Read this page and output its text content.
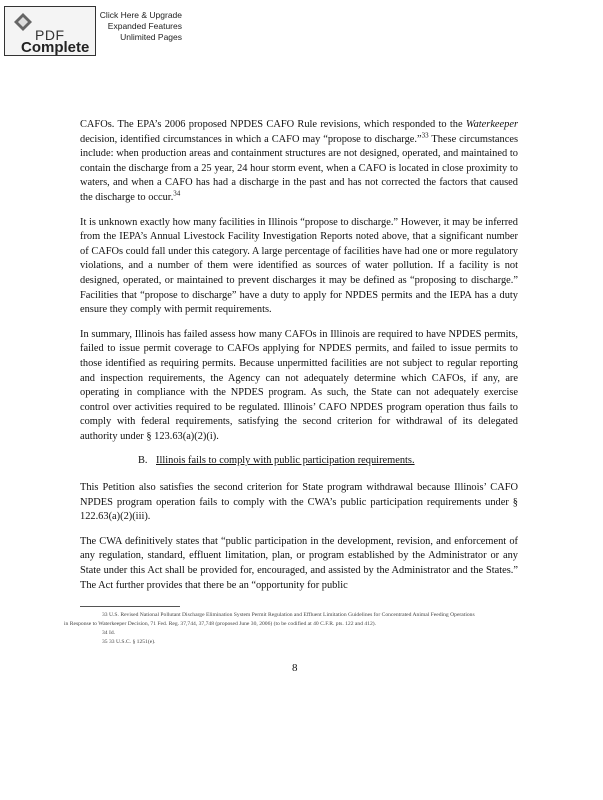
PDF
Complete
Click Here & Upgrade
Expanded Features
Unlimited Pages

CAFOs. The EPA’s 2006 proposed NPDES CAFO Rule revisions, which responded to the Waterkeeper decision, identified circumstances in which a CAFO may “propose to discharge.”$^{33}$ These circumstances include: when production areas and containment structures are not designed, operated, and maintained to contain the discharge from a 25 year, 24 hour storm event, when a CAFO is located in close proximity to waters, and when a CAFO has had a discharge in the past and has not corrected the factors that caused the discharge to occur.$^{34}$

It is unknown exactly how many facilities in Illinois “propose to discharge.” However, it may be inferred from the IEPA’s Annual Livestock Facility Investigation Reports noted above, that a significant number of CAFOs could fall under this category. A large percentage of facilities have had one or more regulatory violations, and a number of them were identified as sources of water pollution. If a facility is not designed, operated, or maintained to prevent discharges it may be defined as “proposing to discharge.” Facilities that “propose to discharge” have a duty to apply for NPDES permits and the IEPA has a duty ensure they comply with permit requirements.

In summary, Illinois has failed assess how many CAFOs in Illinois are required to have NPDES permits, failed to issue permit coverage to CAFOs applying for NPDES permits, and failed to issue permits to those identified as requiring permits. Because unpermitted facilities are not subject to regular reporting and inspection requirements, the Agency can not adequately determine which CAFOs, if any, are operating in compliance with the NPDES program. As such, the State can not adequately exercise control over activities required to be regulated. Illinois’ CAFO NPDES program operation thus fails to comply with federal requirements, satisfying the second criterion for withdrawal of its delegated authority under § 123.63(a)(2)(i).

B. Illinois fails to comply with public participation requirements.

This Petition also satisfies the second criterion for State program withdrawal because Illinois’ CAFO NPDES program operation fails to comply with the CWA’s public participation requirements under § 122.63(a)(2)(iii).

The CWA definitively states that “public participation in the development, revision, and enforcement of any regulation, standard, effluent limitation, plan, or program established by the Administrator or any State under this Act shall be provided for, encouraged, and assisted by the Administrator and the States.” The Act further provides that there be an “opportunity for public

33 U.S. Revised National Pollutant Discharge Elimination System Permit Regulation and Effluent Limitation Guidelines for Concentrated Animal Feeding Operations
in Response to Waterkeeper Decision, 71 Fed. Reg. 37,744, 37,748 (proposed June 30, 2006) (to be codified at 40 C.F.R. pts. 122 and 412).
34 Id.
35 33 U.S.C. § 1251(e).
8
